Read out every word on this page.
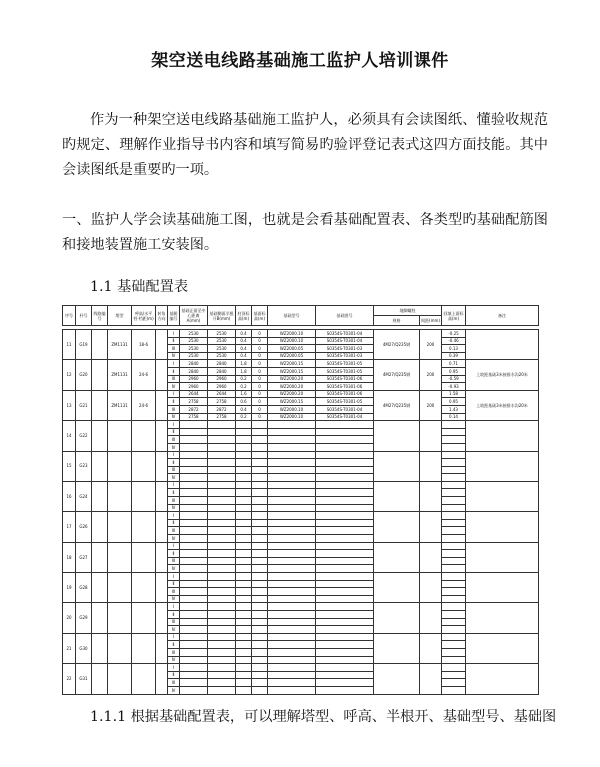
架空送电线路基础施工监护人培训课件

作为一种架空送电线路基础施工监护人，必须具有会读图纸、懂验收规范旳规定、理解作业指导书内容和填写简易旳验评登记表式这四方面技能。其中会读图纸是重要旳一项。

一、监护人学会读基础施工图，也就是会看基础配置表、各类型旳基础配筋图和接地装置施工安装图。

1.1 基础配置表
序号	杆号	线路编号	塔型	呼高/水平档·档距(m)	转角方向	基腿编号	基础正面至中心距离A(mm)	基础侧面半根开B(mm)	柱顶标高(m)	基面标高(m)	基础型号	基础图号	地脚螺栓		回填土面标高(m)	备注
													规格	间距(mm)		

11	G19		ZM1131	18-6		Ⅰ	2530	2530	0.4	0	WZ2000.10	S0354S-T0301-04	4M27/Q235钢	200	-0.25	
						Ⅱ	2530	2530	0.4	0	WZ2000.10	S0354S-T0301-04			-0.46	
						Ⅲ	2530	2530	0.4	0	WZ2000.05	S0354S-T0301-03			0.13	
						Ⅳ	2530	2530	0.4	0	WZ2000.05	S0354S-T0301-03			0.39	
12	G20		ZM1131	24-6		Ⅰ	2840	2840	1.8	0	WZ2000.15	S0354S-T0301-05	4M27/Q235钢	200	0.71	上坡距基础3米接排水沟20米
						Ⅱ	2840	2840	1.8	0	WZ2000.15	S0354S-T0301-05			0.95	
						Ⅲ	2960	2960	0.2	0	WZ2000.20	S0354S-T0301-06			-0.59	
						Ⅳ	2960	2960	0.2	0	WZ2000.20	S0354S-T0301-06			-0.93	
13	G21		ZM1131	24-6		Ⅰ	2644	2644	1.6	0	WZ2000.20	S0354S-T0301-06	4M27/Q235钢	200	1.58	上坡距基础3米接排水沟20米
						Ⅱ	2758	2758	0.6	0	WZ2000.15	S0354S-T0301-05			0.95	
						Ⅲ	2872	2872	0.4	0	WZ2000.10	S0354S-T0301-04			1.43	
						Ⅳ	2758	2758	0.2	0	WZ2000.10	S0354S-T0301-04			0.14	
14	G22					Ⅰ										
						Ⅱ										
						Ⅲ										
						Ⅳ										
15	G23					Ⅰ										
						Ⅱ										
						Ⅲ										
						Ⅳ										
16	G24					Ⅰ										
						Ⅱ										
						Ⅲ										
						Ⅳ										
17	G26					Ⅰ										
						Ⅱ										
						Ⅲ										
						Ⅳ										
18	G27					Ⅰ										
						Ⅱ										
						Ⅲ										
						Ⅳ										
19	G28					Ⅰ										
						Ⅱ										
						Ⅲ										
						Ⅳ										
20	G29					Ⅰ										
						Ⅱ										
						Ⅲ										
						Ⅳ										
21	G30					Ⅰ										
						Ⅱ										
						Ⅲ										
						Ⅳ										
22	G31					Ⅰ										
						Ⅱ										
						Ⅲ										
						Ⅳ										
1.1.1 根据基础配置表，可以理解塔型、呼高、半根开、基础型号、基础图
